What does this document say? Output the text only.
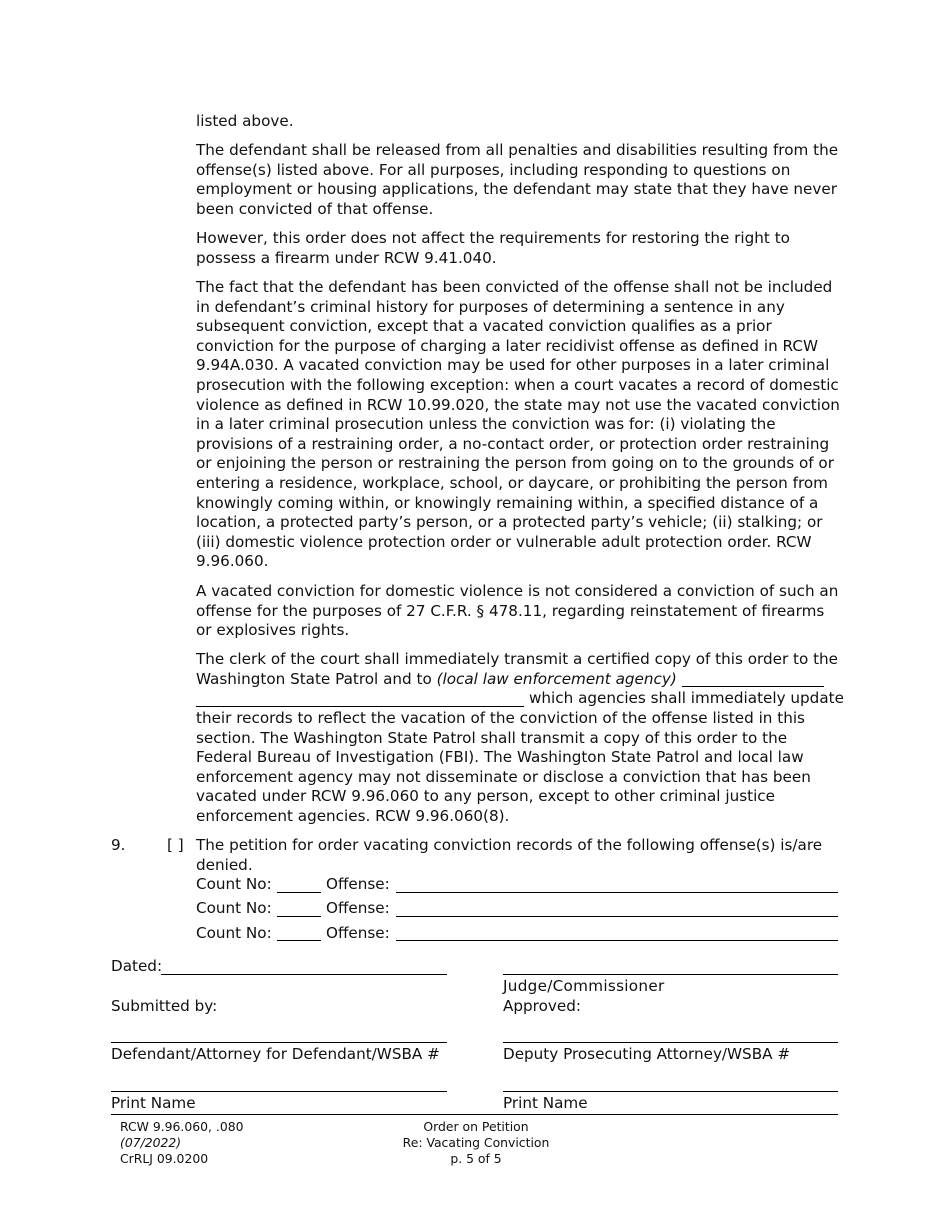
listed above.

The defendant shall be released from all penalties and disabilities resulting from the offense(s) listed above. For all purposes, including responding to questions on employment or housing applications, the defendant may state that they have never been convicted of that offense.

However, this order does not affect the requirements for restoring the right to possess a firearm under RCW 9.41.040.

The fact that the defendant has been convicted of the offense shall not be included in defendant’s criminal history for purposes of determining a sentence in any subsequent conviction, except that a vacated conviction qualifies as a prior conviction for the purpose of charging a later recidivist offense as defined in RCW 9.94A.030. A vacated conviction may be used for other purposes in a later criminal prosecution with the following exception: when a court vacates a record of domestic violence as defined in RCW 10.99.020, the state may not use the vacated conviction in a later criminal prosecution unless the conviction was for: (i) violating the provisions of a restraining order, a no-contact order, or protection order restraining or enjoining the person or restraining the person from going on to the grounds of or entering a residence, workplace, school, or daycare, or prohibiting the person from knowingly coming within, or knowingly remaining within, a specified distance of a location, a protected party’s person, or a protected party’s vehicle; (ii) stalking; or (iii) domestic violence protection order or vulnerable adult protection order. RCW 9.96.060.

A vacated conviction for domestic violence is not considered a conviction of such an offense for the purposes of 27 C.F.R. § 478.11, regarding reinstatement of firearms or explosives rights.

The clerk of the court shall immediately transmit a certified copy of this order to the
Washington State Patrol and to (local law enforcement agency)
which agencies shall immediately update

their records to reflect the vacation of the conviction of the offense listed in this section. The Washington State Patrol shall transmit a copy of this order to the Federal Bureau of Investigation (FBI). The Washington State Patrol and local law enforcement agency may not disseminate or disclose a conviction that has been vacated under RCW 9.96.060 to any person, except to other criminal justice enforcement agencies. RCW 9.96.060(8).

9.	[ ] The petition for order vacating conviction records of the following offense(s) is/are denied.

Count No:	Offense:
Count No:	Offense:
Count No:	Offense:
Dated:
Judge/Commissioner
Submitted by:	Approved:
Defendant/Attorney for Defendant/WSBA #	Deputy Prosecuting Attorney/WSBA #
Print Name	Print Name
RCW 9.96.060, .080
(07/2022)
CrRLJ 09.0200
Order on Petition
Re: Vacating Conviction
p. 5 of 5
